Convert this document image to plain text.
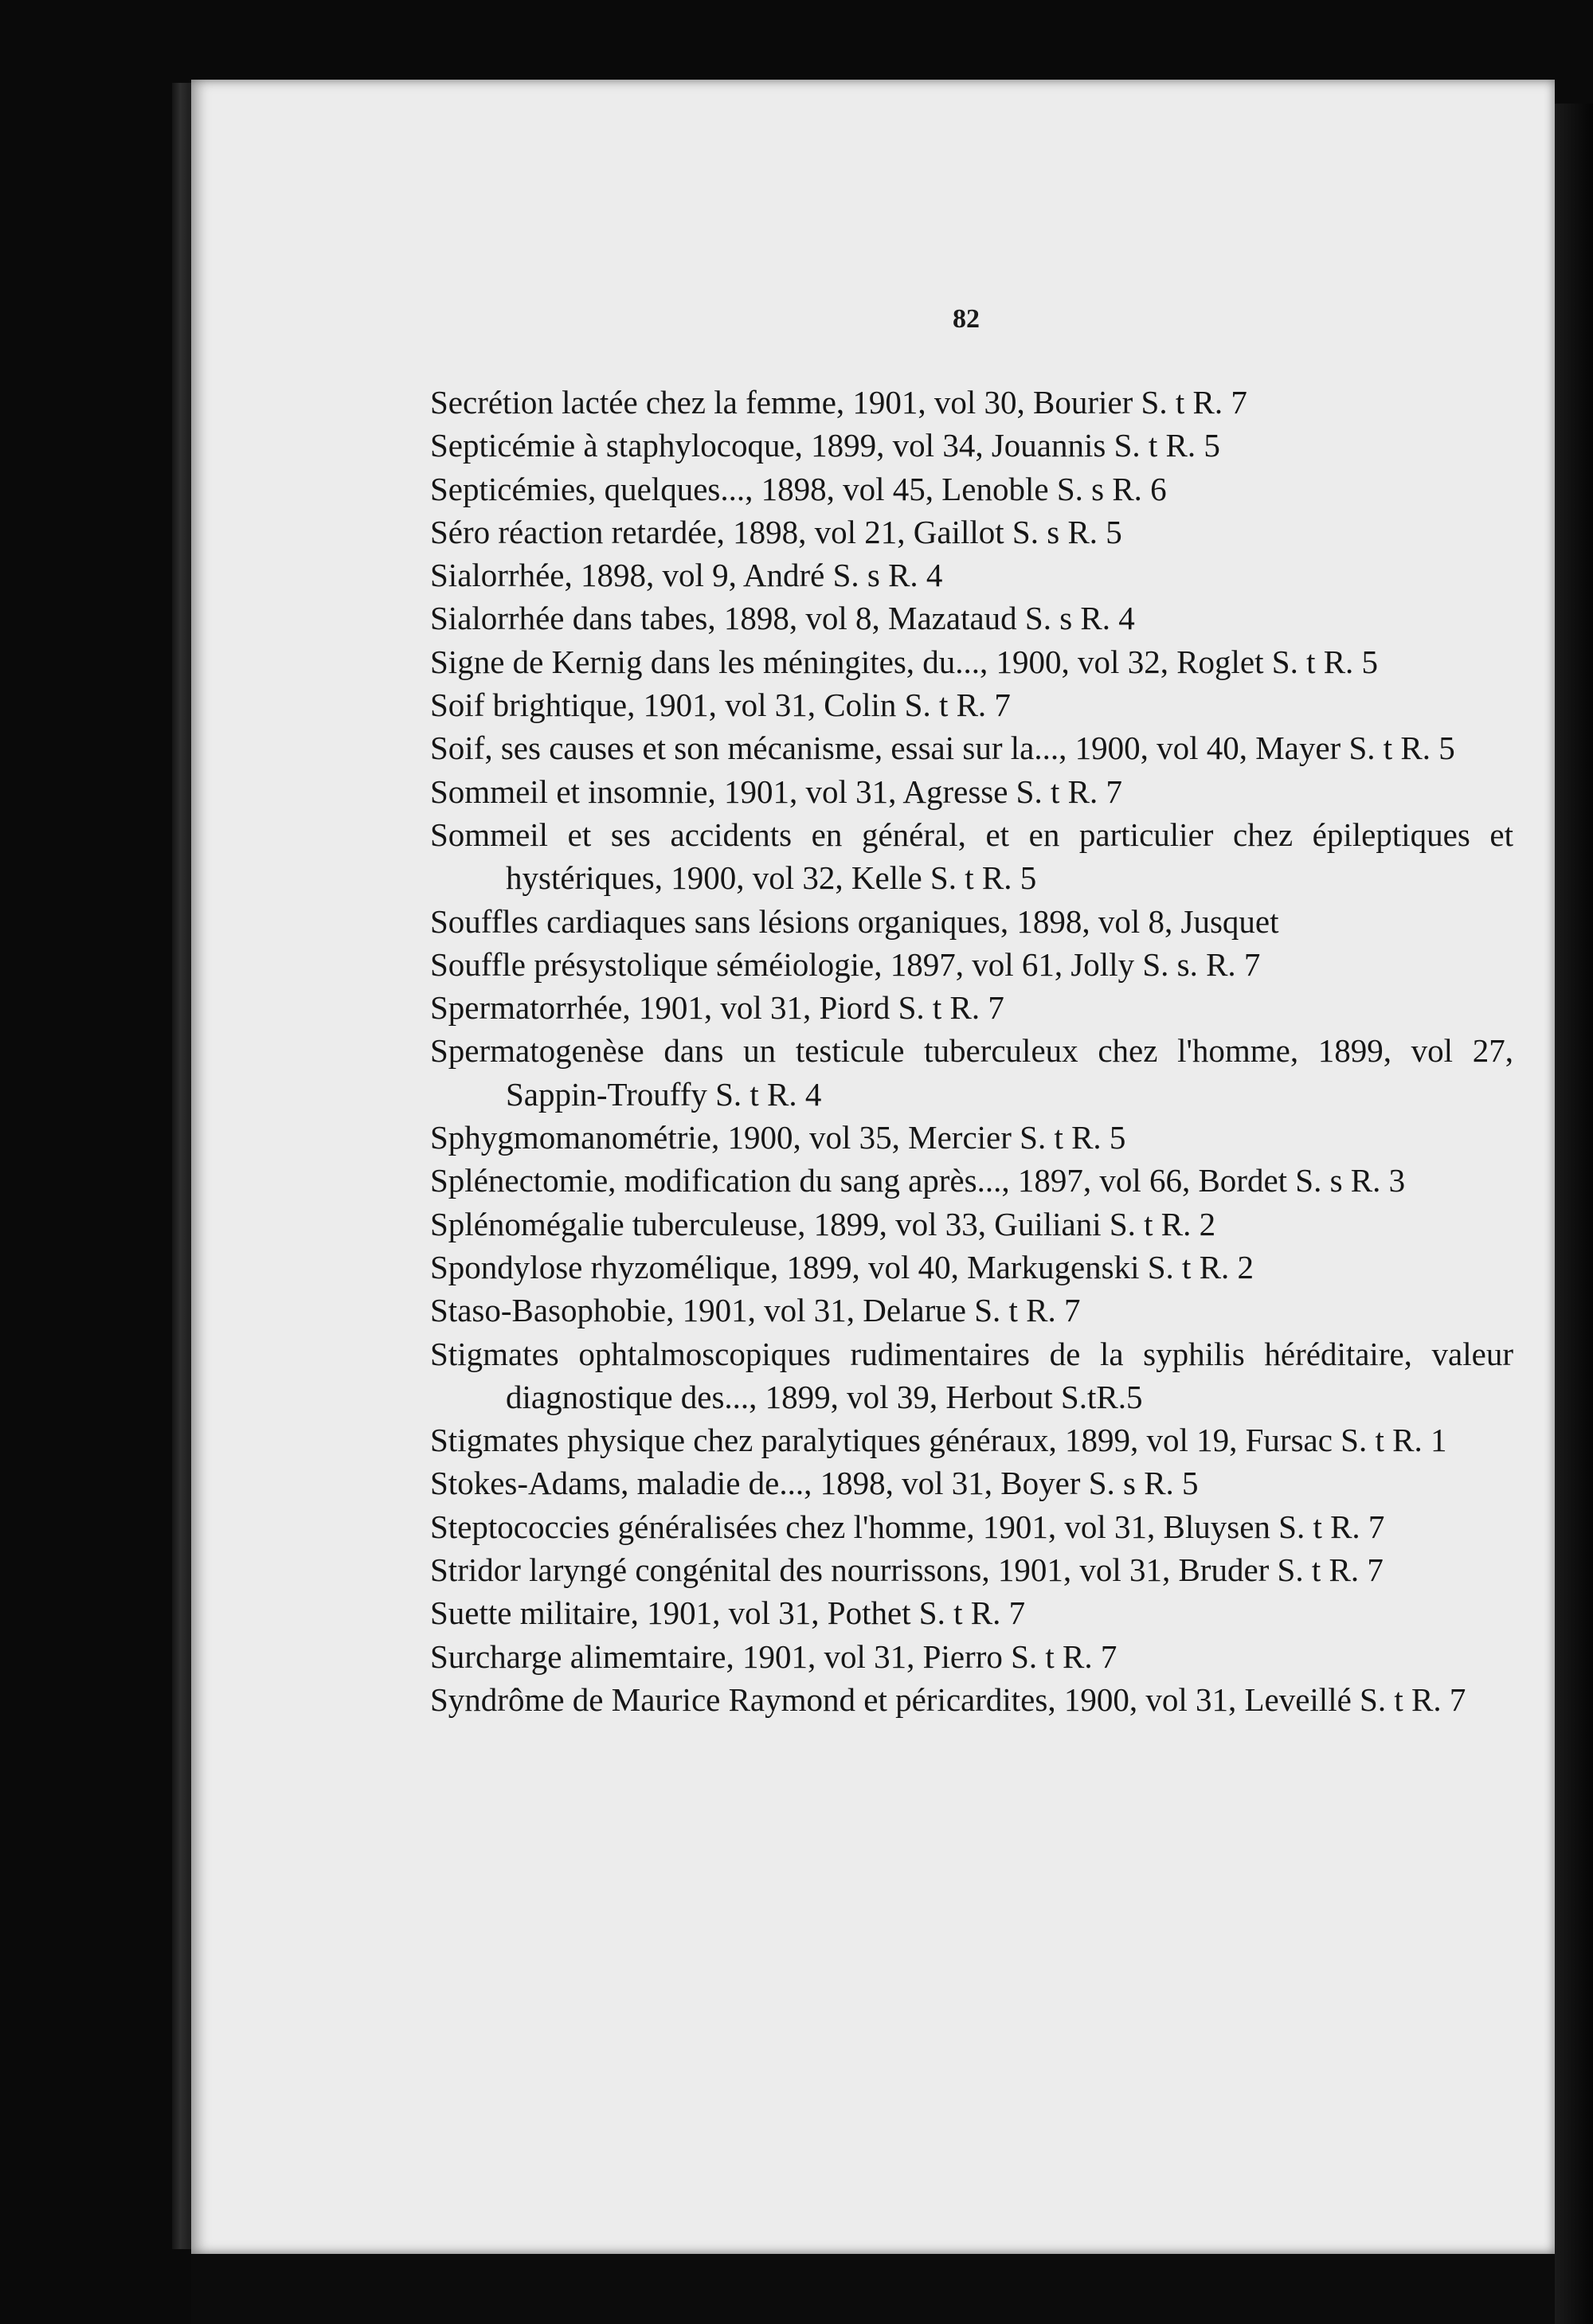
82

Secrétion lactée chez la femme, 1901, vol 30, Bourier S. t R. 7

Septicémie à staphylocoque, 1899, vol 34, Jouannis S. t R. 5

Septicémies, quelques..., 1898, vol 45, Lenoble S. s R. 6

Séro réaction retardée, 1898, vol 21, Gaillot S. s R. 5

Sialorrhée, 1898, vol 9, André S. s R. 4

Sialorrhée dans tabes, 1898, vol 8, Mazataud S. s R. 4

Signe de Kernig dans les méningites, du..., 1900, vol 32, Roglet S. t R. 5

Soif brightique, 1901, vol 31, Colin S. t R. 7

Soif, ses causes et son mécanisme, essai sur la..., 1900, vol 40, Mayer S. t R. 5

Sommeil et insomnie, 1901, vol 31, Agresse S. t R. 7

Sommeil et ses accidents en général, et en particulier chez épileptiques et hystériques, 1900, vol 32, Kelle S. t R. 5

Souffles cardiaques sans lésions organiques, 1898, vol 8, Jusquet

Souffle présystolique séméiologie, 1897, vol 61, Jolly S. s. R. 7

Spermatorrhée, 1901, vol 31, Piord S. t R. 7

Spermatogenèse dans un testicule tuberculeux chez l'homme, 1899, vol 27, Sappin-Trouffy S. t R. 4

Sphygmomanométrie, 1900, vol 35, Mercier S. t R. 5

Splénectomie, modification du sang après..., 1897, vol 66, Bordet S. s R. 3

Splénomégalie tuberculeuse, 1899, vol 33, Guiliani S. t R. 2

Spondylose rhyzomélique, 1899, vol 40, Markugenski S. t R. 2

Staso-Basophobie, 1901, vol 31, Delarue S. t R. 7

Stigmates ophtalmoscopiques rudimentaires de la syphilis héréditaire, valeur diagnostique des..., 1899, vol 39, Herbout S.tR.5

Stigmates physique chez paralytiques généraux, 1899, vol 19, Fursac S. t R. 1

Stokes-Adams, maladie de..., 1898, vol 31, Boyer S. s R. 5

Steptococcies généralisées chez l'homme, 1901, vol 31, Bluysen S. t R. 7

Stridor laryngé congénital des nourrissons, 1901, vol 31, Bruder S. t R. 7

Suette militaire, 1901, vol 31, Pothet S. t R. 7

Surcharge alimemtaire, 1901, vol 31, Pierro S. t R. 7

Syndrôme de Maurice Raymond et péricardites, 1900, vol 31, Leveillé S. t R. 7
